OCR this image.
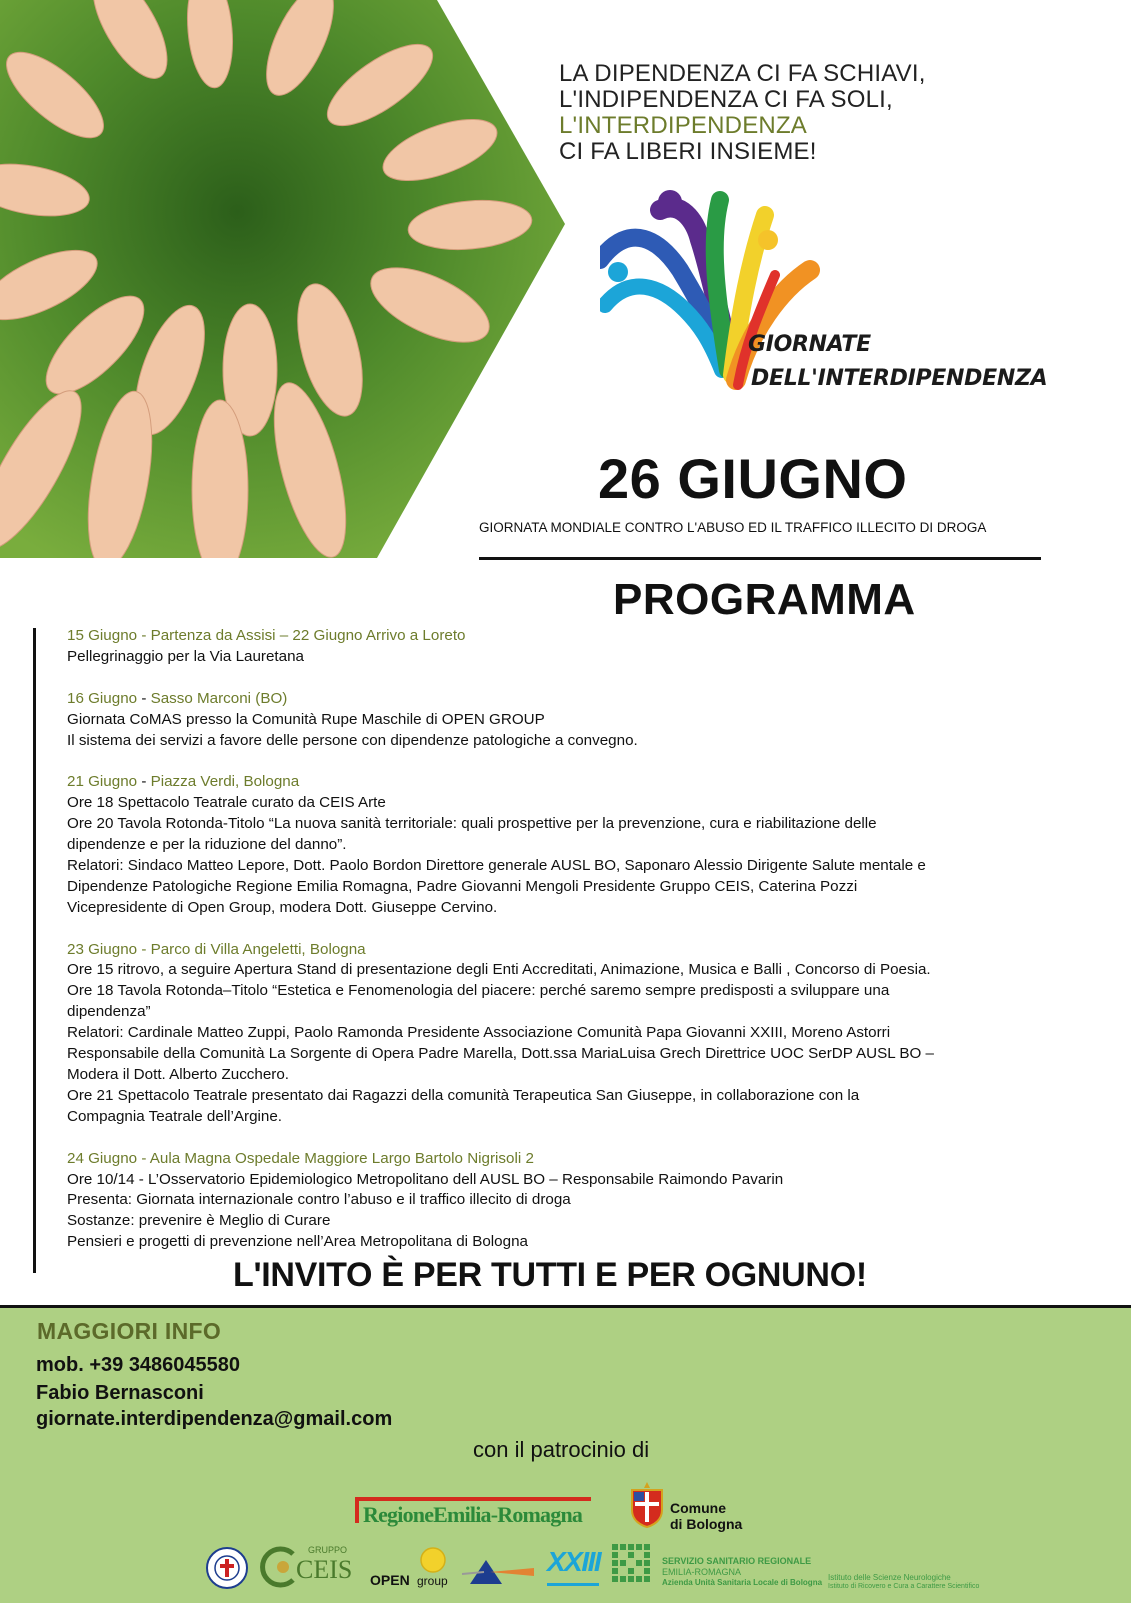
LA DIPENDENZA CI FA SCHIAVI,
L'INDIPENDENZA CI FA SOLI,
L'INTERDIPENDENZA
CI FA LIBERI INSIEME!
GIORNATE
DELL'INTERDIPENDENZA
26 GIUGNO
GIORNATA MONDIALE CONTRO L'ABUSO ED IL TRAFFICO ILLECITO DI DROGA
PROGRAMMA
15 Giugno - Partenza da Assisi – 22 Giugno Arrivo a Loreto
Pellegrinaggio per la Via Lauretana
16 Giugno - Sasso Marconi (BO)
Giornata CoMAS presso la Comunità Rupe Maschile di OPEN GROUP
Il sistema dei servizi a favore delle persone con dipendenze patologiche a convegno.
21 Giugno - Piazza Verdi, Bologna
Ore 18 Spettacolo Teatrale curato da CEIS Arte
Ore 20 Tavola Rotonda-Titolo “La nuova sanità territoriale: quali prospettive per la prevenzione, cura e riabilitazione delle
dipendenze e per la riduzione del danno”.
Relatori: Sindaco Matteo Lepore, Dott. Paolo Bordon Direttore generale AUSL BO, Saponaro Alessio Dirigente Salute mentale e
Dipendenze Patologiche Regione Emilia Romagna, Padre Giovanni Mengoli Presidente Gruppo CEIS, Caterina Pozzi
Vicepresidente di Open Group, modera Dott. Giuseppe Cervino.
23 Giugno - Parco di Villa Angeletti, Bologna
Ore 15 ritrovo, a seguire Apertura Stand di presentazione degli Enti Accreditati, Animazione, Musica e Balli , Concorso di Poesia.
Ore 18 Tavola Rotonda–Titolo “Estetica e Fenomenologia del piacere: perché saremo sempre predisposti a sviluppare una
dipendenza”
Relatori: Cardinale Matteo Zuppi, Paolo Ramonda Presidente Associazione Comunità Papa Giovanni XXIII, Moreno Astorri
Responsabile della Comunità La Sorgente di Opera Padre Marella, Dott.ssa MariaLuisa Grech Direttrice UOC SerDP AUSL BO –
Modera il Dott. Alberto Zucchero.
Ore 21 Spettacolo Teatrale presentato dai Ragazzi della comunità Terapeutica San Giuseppe, in collaborazione con la
Compagnia Teatrale dell’Argine.
24 Giugno - Aula Magna Ospedale Maggiore Largo Bartolo Nigrisoli 2
Ore 10/14 - L’Osservatorio Epidemiologico Metropolitano dell AUSL BO – Responsabile Raimondo Pavarin
Presenta: Giornata internazionale contro l’abuso e il traffico illecito di droga
Sostanze: prevenire è Meglio di Curare
Pensieri e progetti di prevenzione nell’Area Metropolitana di Bologna
L'INVITO È PER TUTTI E PER OGNUNO!
MAGGIORI INFO
mob. +39 3486045580
Fabio Bernasconi
giornate.interdipendenza@gmail.com
con il patrocinio di
RegioneEmilia-Romagna	Comune
di Bologna
GRUPPO
CEIS OPEN group
XXIII	SERVIZIO SANITARIO REGIONALE
EMILIA-ROMAGNA
Azienda Unità Sanitaria Locale di Bologna
Istituto delle Scienze Neurologiche
Istituto di Ricovero e Cura a Carattere Scientifico
